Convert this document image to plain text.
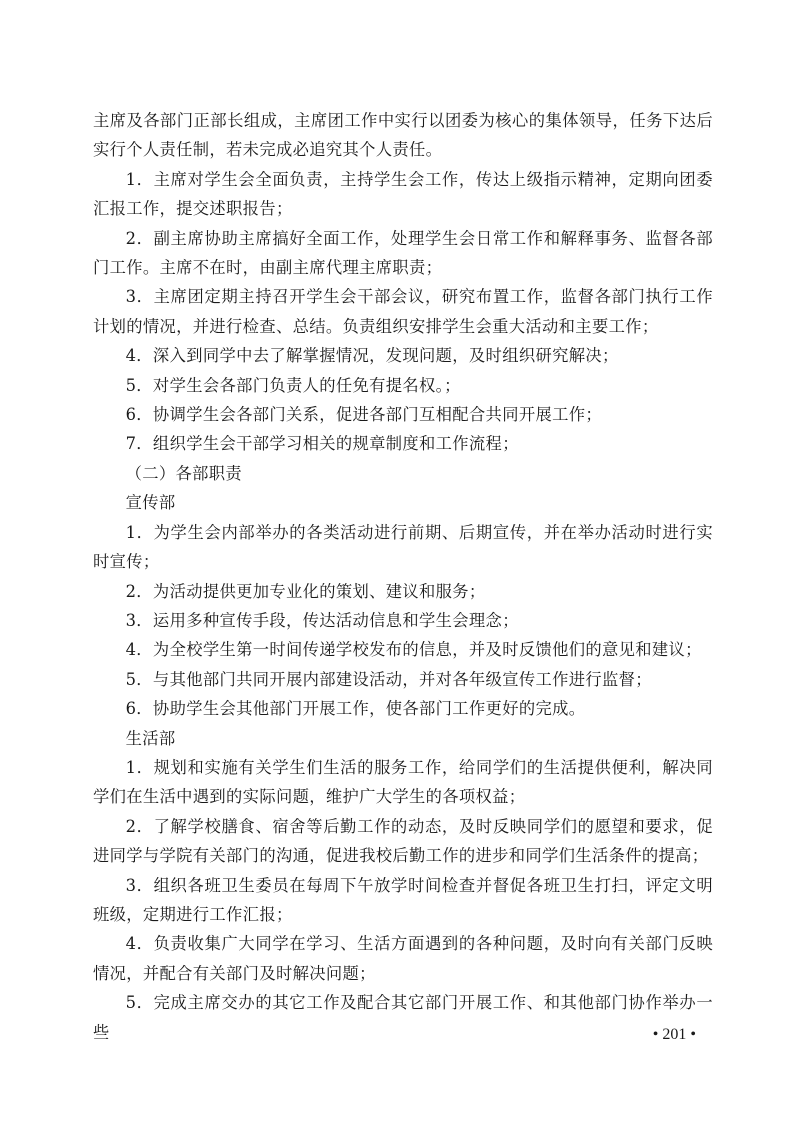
主席及各部门正部长组成，主席团工作中实行以团委为核心的集体领导，任务下达后实行个人责任制，若未完成必追究其个人责任。

1．主席对学生会全面负责，主持学生会工作，传达上级指示精神，定期向团委汇报工作，提交述职报告；

2．副主席协助主席搞好全面工作，处理学生会日常工作和解释事务、监督各部门工作。主席不在时，由副主席代理主席职责；

3．主席团定期主持召开学生会干部会议，研究布置工作，监督各部门执行工作计划的情况，并进行检查、总结。负责组织安排学生会重大活动和主要工作；

4．深入到同学中去了解掌握情况，发现问题，及时组织研究解决；

5．对学生会各部门负责人的任免有提名权。；

6．协调学生会各部门关系，促进各部门互相配合共同开展工作；

7．组织学生会干部学习相关的规章制度和工作流程；

（二）各部职责

宣传部

1．为学生会内部举办的各类活动进行前期、后期宣传，并在举办活动时进行实时宣传；

2．为活动提供更加专业化的策划、建议和服务；

3．运用多种宣传手段，传达活动信息和学生会理念；

4．为全校学生第一时间传递学校发布的信息，并及时反馈他们的意见和建议；

5．与其他部门共同开展内部建设活动，并对各年级宣传工作进行监督；

6．协助学生会其他部门开展工作，使各部门工作更好的完成。

生活部

1．规划和实施有关学生们生活的服务工作，给同学们的生活提供便利，解决同学们在生活中遇到的实际问题，维护广大学生的各项权益；

2．了解学校膳食、宿舍等后勤工作的动态，及时反映同学们的愿望和要求，促进同学与学院有关部门的沟通，促进我校后勤工作的进步和同学们生活条件的提高；

3．组织各班卫生委员在每周下午放学时间检查并督促各班卫生打扫，评定文明班级，定期进行工作汇报；

4．负责收集广大同学在学习、生活方面遇到的各种问题，及时向有关部门反映情况，并配合有关部门及时解决问题；

5．完成主席交办的其它工作及配合其它部门开展工作、和其他部门协作举办一些	• 201 •
